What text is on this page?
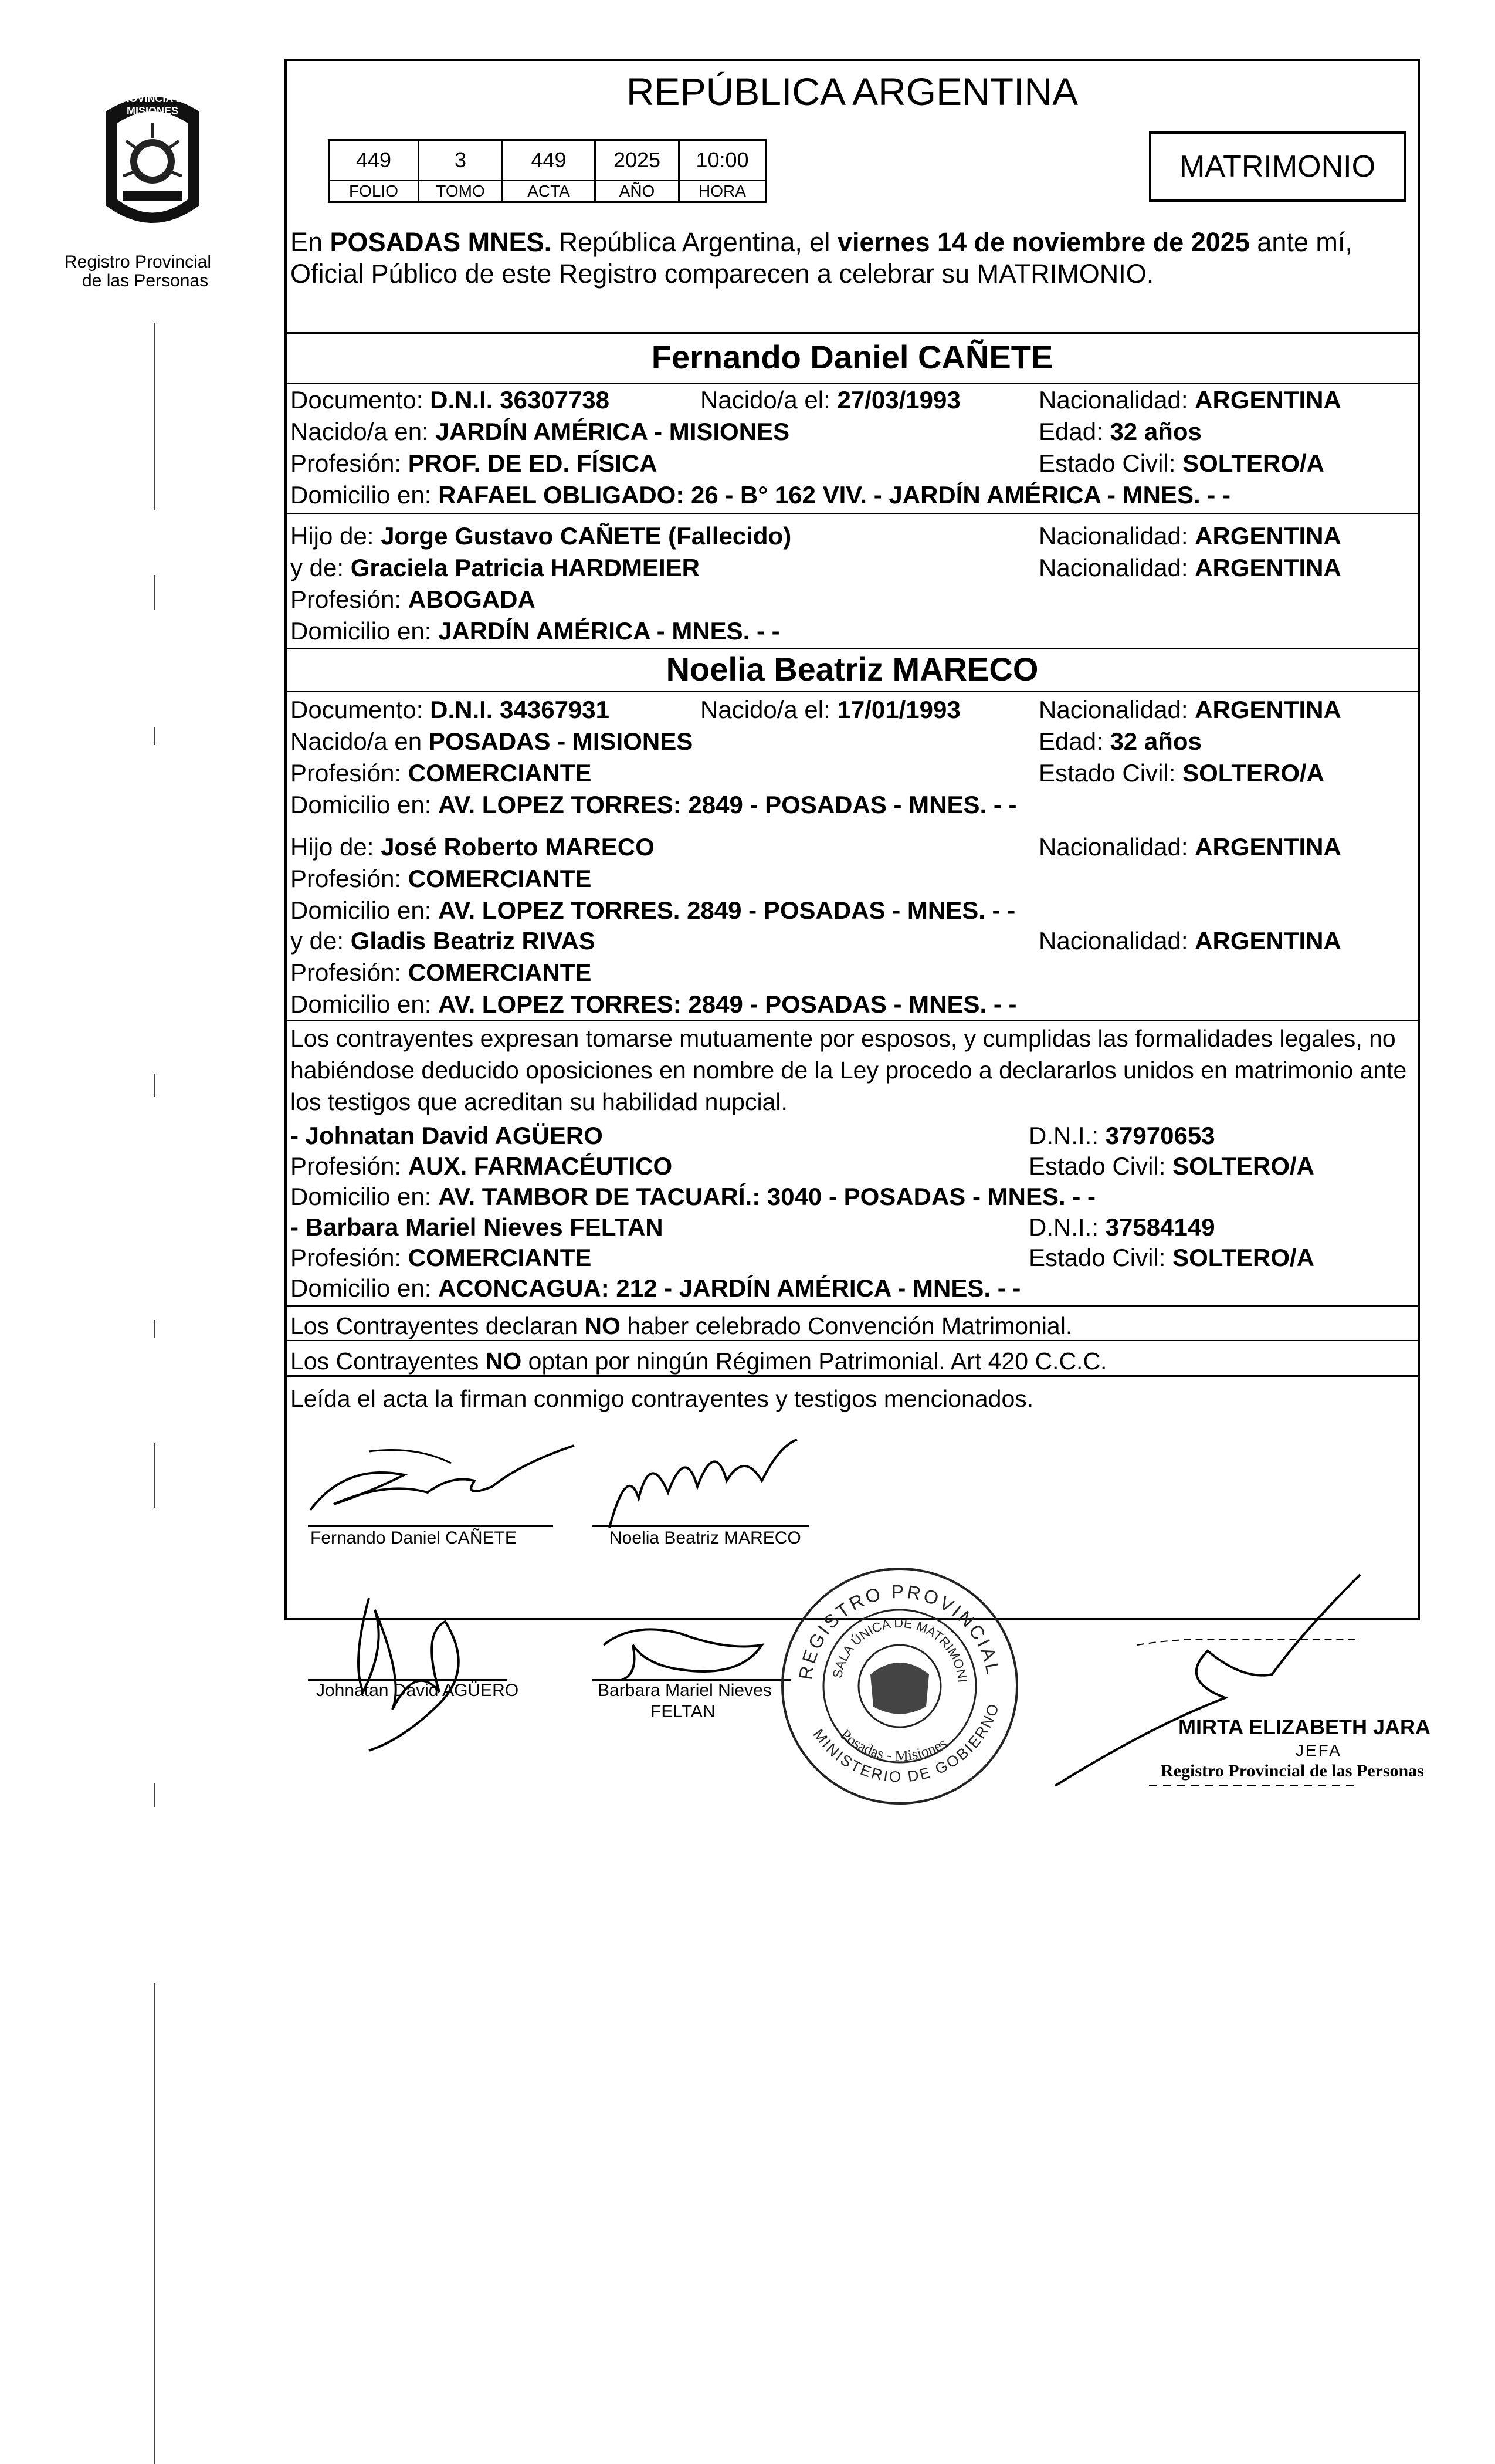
PROVINCIA DE MISIONES
Registro Provincial
de las Personas
REPÚBLICA ARGENTINA
449	3	449	2025	10:00
FOLIO	TOMO	ACTA	AÑO	HORA
MATRIMONIO
En POSADAS MNES. República Argentina, el viernes 14 de noviembre de 2025 ante mí,
Oficial Público de este Registro comparecen a celebrar su MATRIMONIO.
Fernando Daniel CAÑETE
Documento: D.N.I. 36307738	Nacido/a el: 27/03/1993	Nacionalidad: ARGENTINA
Nacido/a en: JARDÍN AMÉRICA - MISIONES	Edad: 32 años
Profesión: PROF. DE ED. FÍSICA	Estado Civil: SOLTERO/A
Domicilio en: RAFAEL OBLIGADO: 26 - B° 162 VIV. - JARDÍN AMÉRICA - MNES. - -
Hijo de: Jorge Gustavo CAÑETE (Fallecido)	Nacionalidad: ARGENTINA
y de: Graciela Patricia HARDMEIER	Nacionalidad: ARGENTINA
Profesión: ABOGADA
Domicilio en: JARDÍN AMÉRICA - MNES. - -
Noelia Beatriz MARECO
Documento: D.N.I. 34367931	Nacido/a el: 17/01/1993	Nacionalidad: ARGENTINA
Nacido/a en POSADAS - MISIONES	Edad: 32 años
Profesión: COMERCIANTE	Estado Civil: SOLTERO/A
Domicilio en: AV. LOPEZ TORRES: 2849 - POSADAS - MNES. - -
Hijo de: José Roberto MARECO	Nacionalidad: ARGENTINA
Profesión: COMERCIANTE
Domicilio en: AV. LOPEZ TORRES. 2849 - POSADAS - MNES. - -
y de: Gladis Beatriz RIVAS	Nacionalidad: ARGENTINA
Profesión: COMERCIANTE
Domicilio en: AV. LOPEZ TORRES: 2849 - POSADAS - MNES. - -
Los contrayentes expresan tomarse mutuamente por esposos, y cumplidas las formalidades legales, no
habiéndose deducido oposiciones en nombre de la Ley procedo a declararlos unidos en matrimonio ante
los testigos que acreditan su habilidad nupcial.
- Johnatan David AGÜERO	D.N.I.: 37970653
Profesión: AUX. FARMACÉUTICO	Estado Civil: SOLTERO/A
Domicilio en: AV. TAMBOR DE TACUARÍ.: 3040 - POSADAS - MNES. - -
- Barbara Mariel Nieves FELTAN	D.N.I.: 37584149
Profesión: COMERCIANTE	Estado Civil: SOLTERO/A
Domicilio en: ACONCAGUA: 212 - JARDÍN AMÉRICA - MNES. - -
Los Contrayentes declaran NO haber celebrado Convención Matrimonial.
Los Contrayentes NO optan por ningún Régimen Patrimonial. Art 420 C.C.C.
Leída el acta la firman conmigo contrayentes y testigos mencionados.
Fernando Daniel CAÑETE	Noelia Beatriz MARECO
Johnatan David AGÜERO	Barbara Mariel Nieves
FELTAN
REGISTRO PROVINCIAL
SALA ÚNICA DE MATRIMONI
Posadas - Misiones
MINISTERIO DE GOBIERNO
MIRTA ELIZABETH JARA
JEFA
Registro Provincial de las Personas
